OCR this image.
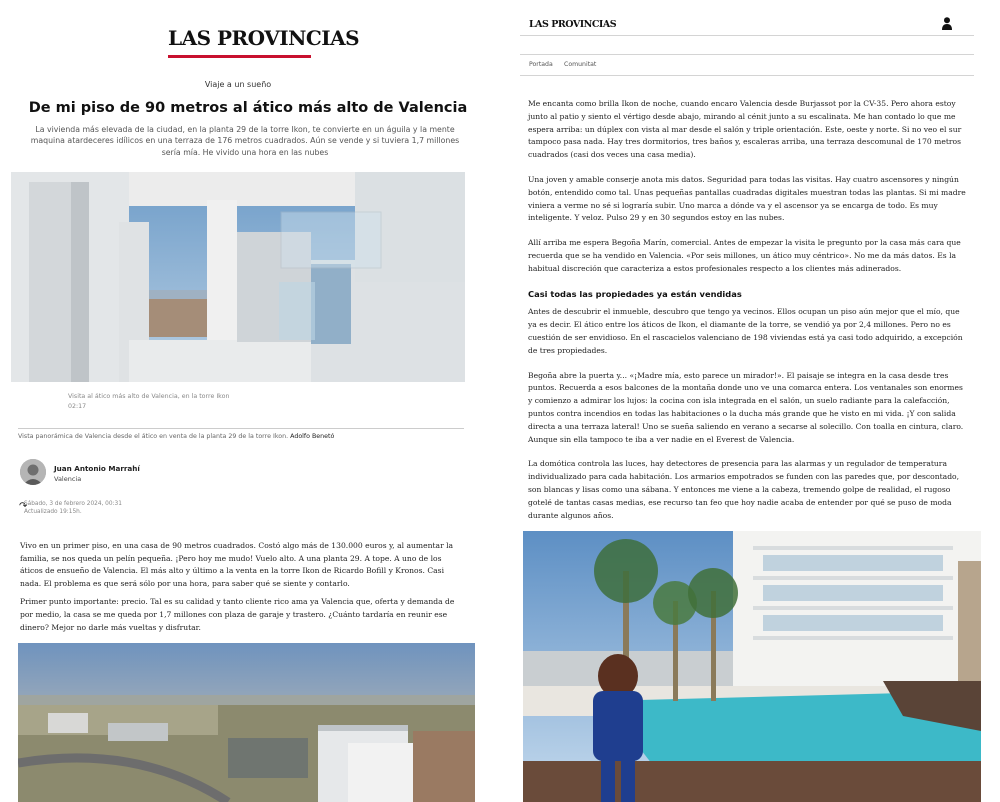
LAS PROVINCIAS
Viaje a un sueño
De mi piso de 90 metros al ático más alto de Valencia
La vivienda más elevada de la ciudad, en la planta 29 de la torre Ikon, te convierte en un águila y la mente maquina atardeceres idílicos en una terraza de 176 metros cuadrados. Aún se vende y si tuviera 1,7 millones sería mía. He vivido una hora en las nubes
Visita al ático más alto de Valencia, en la torre Ikon
02:17
Vista panorámica de Valencia desde el ático en venta de la planta 29 de la torre Ikon. Adolfo Benetó
Juan Antonio Marrahí
Valencia
↷
Sábado, 3 de febrero 2024, 00:31
Actualizado 19:15h.

Vivo en un primer piso, en una casa de 90 metros cuadrados. Costó algo más de 130.000 euros y, al aumentar la familia, se nos queda un pelín pequeña. ¡Pero hoy me mudo! Vuelo alto. A una planta 29. A tope. A uno de los áticos de ensueño de Valencia. El más alto y último a la venta en la torre Ikon de Ricardo Bofill y Kronos. Casi nada. El problema es que será sólo por una hora, para saber qué se siente y contarlo.

Primer punto importante: precio. Tal es su calidad y tanto cliente rico ama ya Valencia que, oferta y demanda de por medio, la casa se me queda por 1,7 millones con plaza de garaje y trastero. ¿Cuánto tardaría en reunir ese dinero? Mejor no darle más vueltas y disfrutar.

LAS PROVINCIAS
Portada Comunitat

Me encanta como brilla Ikon de noche, cuando encaro Valencia desde Burjassot por la CV-35. Pero ahora estoy junto al patio y siento el vértigo desde abajo, mirando al cénit junto a su escalinata. Me han contado lo que me espera arriba: un dúplex con vista al mar desde el salón y triple orientación. Este, oeste y norte. Si no veo el sur tampoco pasa nada. Hay tres dormitorios, tres baños y, escaleras arriba, una terraza descomunal de 170 metros cuadrados (casi dos veces una casa media).

Una joven y amable conserje anota mis datos. Seguridad para todas las visitas. Hay cuatro ascensores y ningún botón, entendido como tal. Unas pequeñas pantallas cuadradas digitales muestran todas las plantas. Si mi madre viniera a verme no sé si lograría subir. Uno marca a dónde va y el ascensor ya se encarga de todo. Es muy inteligente. Y veloz. Pulso 29 y en 30 segundos estoy en las nubes.

Allí arriba me espera Begoña Marín, comercial. Antes de empezar la visita le pregunto por la casa más cara que recuerda que se ha vendido en Valencia. «Por seis millones, un ático muy céntrico». No me da más datos. Es la habitual discreción que caracteriza a estos profesionales respecto a los clientes más adinerados.

Casi todas las propiedades ya están vendidas

Antes de descubrir el inmueble, descubro que tengo ya vecinos. Ellos ocupan un piso aún mejor que el mío, que ya es decir. El ático entre los áticos de Ikon, el diamante de la torre, se vendió ya por 2,4 millones. Pero no es cuestión de ser envidioso. En el rascacielos valenciano de 198 viviendas está ya casi todo adquirido, a excepción de tres propiedades.

Begoña abre la puerta y... «¡Madre mía, esto parece un mirador!». El paisaje se integra en la casa desde tres puntos. Recuerda a esos balcones de la montaña donde uno ve una comarca entera. Los ventanales son enormes y comienzo a admirar los lujos: la cocina con isla integrada en el salón, un suelo radiante para la calefacción, puntos contra incendios en todas las habitaciones o la ducha más grande que he visto en mi vida. ¡Y con salida directa a una terraza lateral! Uno se sueña saliendo en verano a secarse al solecillo. Con toalla en cintura, claro. Aunque sin ella tampoco te iba a ver nadie en el Everest de Valencia.

La domótica controla las luces, hay detectores de presencia para las alarmas y un regulador de temperatura individualizado para cada habitación. Los armarios empotrados se funden con las paredes que, por descontado, son blancas y lisas como una sábana. Y entonces me viene a la cabeza, tremendo golpe de realidad, el rugoso gotelé de tantas casas medias, ese recurso tan feo que hoy nadie acaba de entender por qué se puso de moda durante algunos años.
